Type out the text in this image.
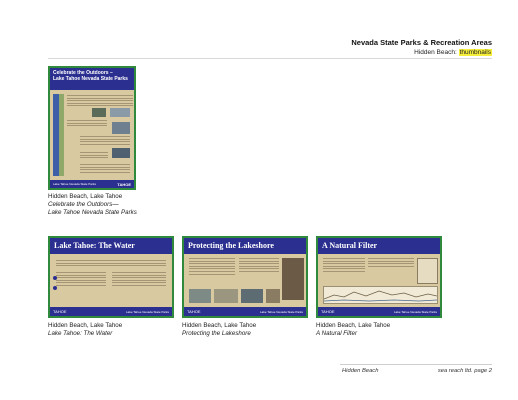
Nevada State Parks & Recreation Areas
Hidden Beach: thumbnails
Celebrate the Outdoors –
Lake Tahoe Nevada State Parks
Lake Tahoe Nevada State Parks	TAHOE
Hidden Beach, Lake Tahoe
Celebrate the Outdoors—
Lake Tahoe Nevada State Parks
Lake Tahoe: The Water
TAHOE	Lake Tahoe Nevada State Parks
Hidden Beach, Lake Tahoe
Lake Tahoe: The Water
Protecting the Lakeshore
TAHOE	Lake Tahoe Nevada State Parks
Hidden Beach, Lake Tahoe
Protecting the Lakeshore
A Natural Filter
TAHOE	Lake Tahoe Nevada State Parks
Hidden Beach, Lake Tahoe
A Natural Filter
Hidden Beach	sea reach ltd. page 2
